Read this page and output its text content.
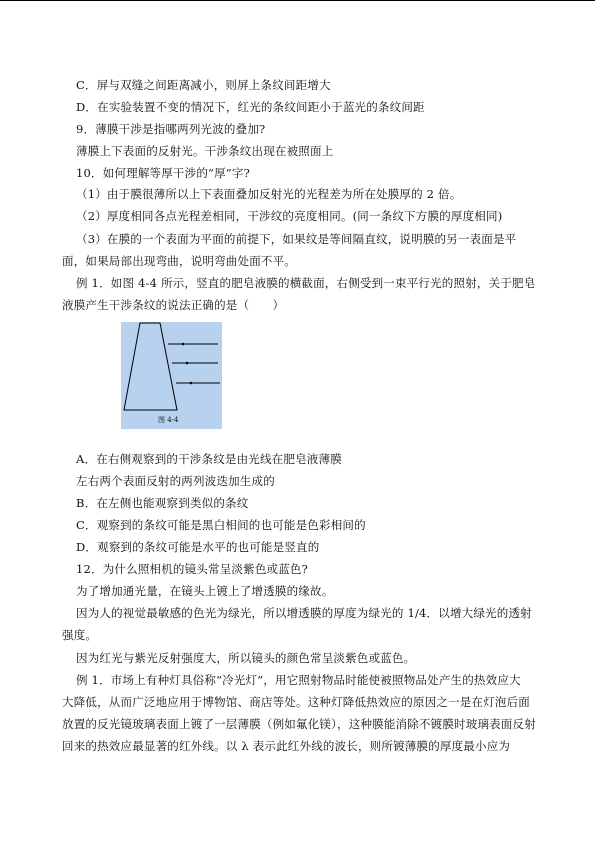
C．屏与双缝之间距离减小，则屏上条纹间距增大
D．在实验装置不变的情况下，红光的条纹间距小于蓝光的条纹间距
9．薄膜干涉是指哪两列光波的叠加?
薄膜上下表面的反射光。干涉条纹出现在被照面上
10．如何理解等厚干涉的“厚”字?
（1）由于膜很薄所以上下表面叠加反射光的光程差为所在处膜厚的 2 倍。
（2）厚度相同各点光程差相同，干涉纹的亮度相同。(同一条纹下方膜的厚度相同)
（3）在膜的一个表面为平面的前提下，如果纹是等间隔直纹，说明膜的另一表面是平
面，如果局部出现弯曲，说明弯曲处面不平。
例 1．如图 4-4 所示，竖直的肥皂液膜的横截面，右侧受到一束平行光的照射，关于肥皂
液膜产生干涉条纹的说法正确的是（　　）
图 4-4
A．在右侧观察到的干涉条纹是由光线在肥皂液薄膜
左右两个表面反射的两列波迭加生成的
B．在左侧也能观察到类似的条纹
C．观察到的条纹可能是黑白相间的也可能是色彩相间的
D．观察到的条纹可能是水平的也可能是竖直的
12．为什么照相机的镜头常呈淡紫色或蓝色?
为了增加通光量，在镜头上镀上了增透膜的缘故。
因为人的视觉最敏感的色光为绿光，所以增透膜的厚度为绿光的 1/4．以增大绿光的透射
强度。
因为红光与紫光反射强度大，所以镜头的颜色常呈淡紫色或蓝色。
例 1．市场上有种灯具俗称“冷光灯”，用它照射物品时能使被照物品处产生的热效应大
大降低，从而广泛地应用于博物馆、商店等处。这种灯降低热效应的原因之一是在灯泡后面
放置的反光镜玻璃表面上镀了一层薄膜（例如氟化镁），这种膜能消除不镀膜时玻璃表面反射
回来的热效应最显著的红外线。以 λ 表示此红外线的波长，则所镀薄膜的厚度最小应为
